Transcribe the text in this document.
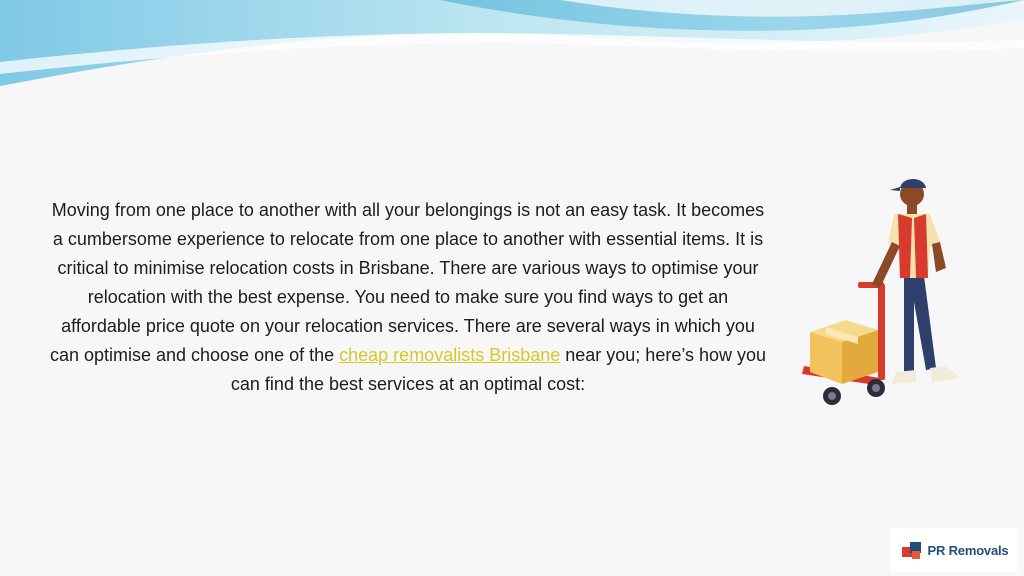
Moving from one place to another with all your belongings is not an easy task. It becomes a cumbersome experience to relocate from one place to another with essential items. It is critical to minimise relocation costs in Brisbane. There are various ways to optimise your relocation with the best expense. You need to make sure you find ways to get an affordable price quote on your relocation services. There are several ways in which you can optimise and choose one of the cheap removalists Brisbane near you; here’s how you can find the best services at an optimal cost:
PR Removals
